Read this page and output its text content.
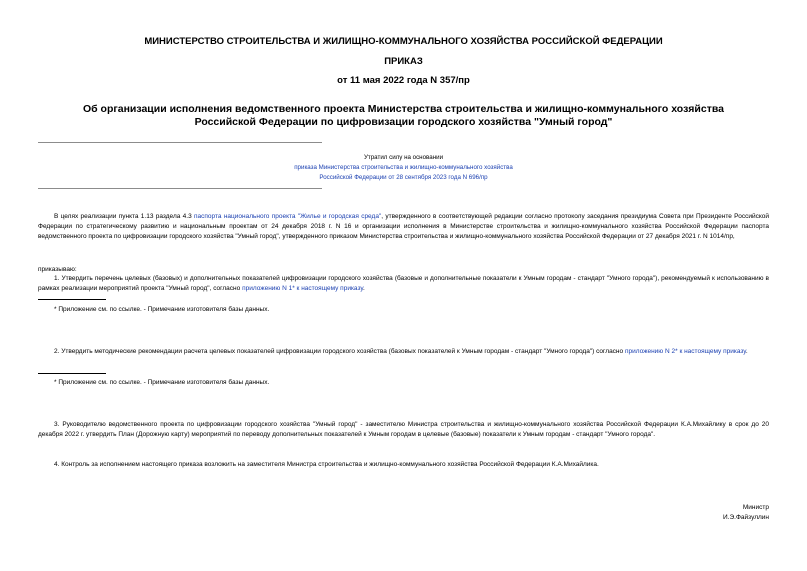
МИНИСТЕРСТВО СТРОИТЕЛЬСТВА И ЖИЛИЩНО-КОММУНАЛЬНОГО ХОЗЯЙСТВА РОССИЙСКОЙ ФЕДЕРАЦИИ
ПРИКАЗ
от 11 мая 2022 года N 357/пр
Об организации исполнения ведомственного проекта Министерства строительства и жилищно-коммунального хозяйства Российской Федерации по цифровизации городского хозяйства "Умный город"
Утратил силу на основании
приказа Министерства строительства и жилищно-коммунального хозяйства
Российской Федерации от 28 сентября 2023 года N 696/пр
В целях реализации пункта 1.13 раздела 4.3 паспорта национального проекта "Жилье и городская среда", утвержденного в соответствующей редакции согласно протоколу заседания президиума Совета при Президенте Российской Федерации по стратегическому развитию и национальным проектам от 24 декабря 2018 г. N 16 и организации исполнения в Министерстве строительства и жилищно-коммунального хозяйства Российской Федерации паспорта ведомственного проекта по цифровизации городского хозяйства "Умный город", утвержденного приказом Министерства строительства и жилищно-коммунального хозяйства Российской Федерации от 27 декабря 2021 г. N 1014/пр,
приказываю:
1. Утвердить перечень целевых (базовых) и дополнительных показателей цифровизации городского хозяйства (базовые и дополнительные показатели к Умным городам - стандарт "Умного города"), рекомендуемый к использованию в рамках реализации мероприятий проекта "Умный город", согласно приложению N 1* к настоящему приказу.
* Приложение см. по ссылке. - Примечание изготовителя базы данных.
2. Утвердить методические рекомендации расчета целевых показателей цифровизации городского хозяйства (базовых показателей к Умным городам - стандарт "Умного города") согласно приложению N 2* к настоящему приказу.
* Приложение см. по ссылке. - Примечание изготовителя базы данных.
3. Руководителю ведомственного проекта по цифровизации городского хозяйства "Умный город" - заместителю Министра строительства и жилищно-коммунального хозяйства Российской Федерации К.А.Михайлику в срок до 20 декабря 2022 г. утвердить План (Дорожную карту) мероприятий по переводу дополнительных показателей к Умным городам в целевые (базовые) показатели к Умным городам - стандарт "Умного города".
4. Контроль за исполнением настоящего приказа возложить на заместителя Министра строительства и жилищно-коммунального хозяйства Российской Федерации К.А.Михайлика.
Министр
И.Э.Файзуллин
